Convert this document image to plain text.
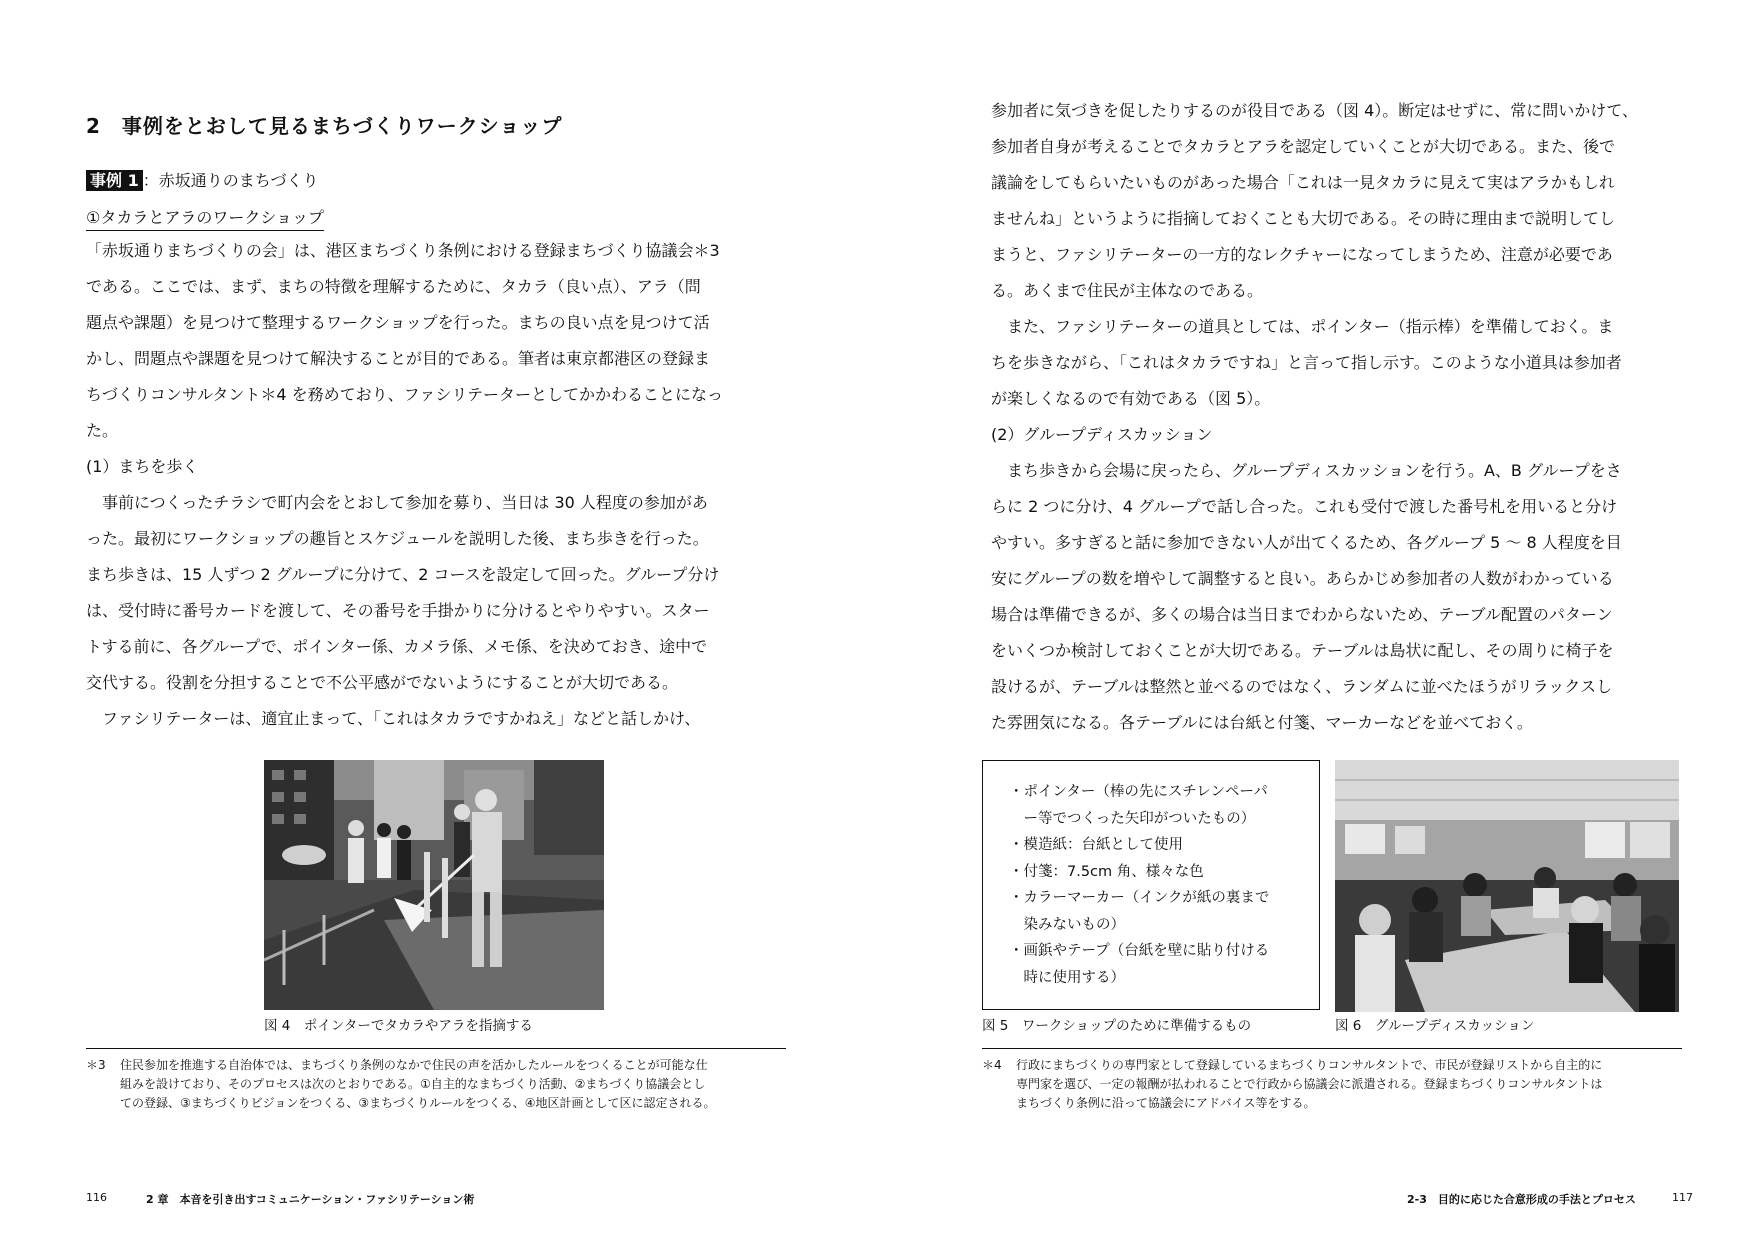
2　事例をとおして見るまちづくりワークショップ
事例 1 ：赤坂通りのまちづくり
①タカラとアラのワークショップ
「赤坂通りまちづくりの会」は、港区まちづくり条例における登録まちづくり協議会＊3
である。ここでは、まず、まちの特徴を理解するために、タカラ（良い点）、アラ（問
題点や課題）を見つけて整理するワークショップを行った。まちの良い点を見つけて活
かし、問題点や課題を見つけて解決することが目的である。筆者は東京都港区の登録ま
ちづくりコンサルタント＊4 を務めており、ファシリテーターとしてかかわることになっ
た。
(1）まちを歩く
　事前につくったチラシで町内会をとおして参加を募り、当日は 30 人程度の参加があ
った。最初にワークショップの趣旨とスケジュールを説明した後、まち歩きを行った。
まち歩きは、15 人ずつ 2 グループに分けて、2 コースを設定して回った。グループ分け
は、受付時に番号カードを渡して、その番号を手掛かりに分けるとやりやすい。スター
トする前に、各グループで、ポインター係、カメラ係、メモ係、を決めておき、途中で
交代する。役割を分担することで不公平感がでないようにすることが大切である。
　ファシリテーターは、適宜止まって、「これはタカラですかねえ」などと話しかけ、
図 4　ポインターでタカラやアラを指摘する
＊3 住民参加を推進する自治体では、まちづくり条例のなかで住民の声を活かしたルールをつくることが可能な仕
組みを設けており、そのプロセスは次のとおりである。①自主的なまちづくり活動、②まちづくり協議会とし
ての登録、③まちづくりビジョンをつくる、③まちづくりルールをつくる、④地区計画として区に認定される。
116	2 章　本音を引き出すコミュニケーション・ファシリテーション術
参加者に気づきを促したりするのが役目である（図 4）。断定はせずに、常に問いかけて、
参加者自身が考えることでタカラとアラを認定していくことが大切である。また、後で
議論をしてもらいたいものがあった場合「これは一見タカラに見えて実はアラかもしれ
ませんね」というように指摘しておくことも大切である。その時に理由まで説明してし
まうと、ファシリテーターの一方的なレクチャーになってしまうため、注意が必要であ
る。あくまで住民が主体なのである。
　また、ファシリテーターの道具としては、ポインター（指示棒）を準備しておく。ま
ちを歩きながら、「これはタカラですね」と言って指し示す。このような小道具は参加者
が楽しくなるので有効である（図 5）。
(2）グループディスカッション
　まち歩きから会場に戻ったら、グループディスカッションを行う。A、B グループをさ
らに 2 つに分け、4 グループで話し合った。これも受付で渡した番号札を用いると分け
やすい。多すぎると話に参加できない人が出てくるため、各グループ 5 〜 8 人程度を目
安にグループの数を増やして調整すると良い。あらかじめ参加者の人数がわかっている
場合は準備できるが、多くの場合は当日までわからないため、テーブル配置のパターン
をいくつか検討しておくことが大切である。テーブルは島状に配し、その周りに椅子を
設けるが、テーブルは整然と並べるのではなく、ランダムに並べたほうがリラックスし
た雰囲気になる。各テーブルには台紙と付箋、マーカーなどを並べておく。
・ポインター（棒の先にスチレンペーパ
　ー等でつくった矢印がついたもの）
・模造紙：台紙として使用
・付箋：7.5cm 角、様々な色
・カラーマーカー（インクが紙の裏まで
　染みないもの）
・画鋲やテープ（台紙を壁に貼り付ける
　時に使用する）
図 5　ワークショップのために準備するもの	図 6　グループディスカッション
＊4 行政にまちづくりの専門家として登録しているまちづくりコンサルタントで、市民が登録リストから自主的に
専門家を選び、一定の報酬が払われることで行政から協議会に派遣される。登録まちづくりコンサルタントは
まちづくり条例に沿って協議会にアドバイス等をする。
2-3　目的に応じた合意形成の手法とプロセス	117
